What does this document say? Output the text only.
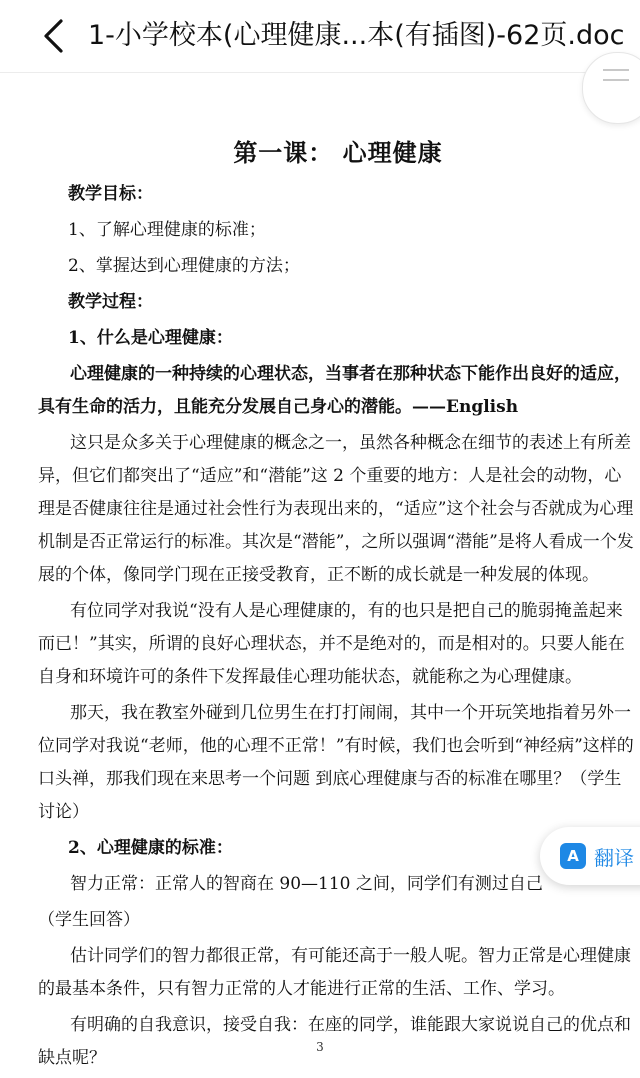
1-小学校本(心理健康...本(有插图)-62页.doc
第一课： 心理健康
教学目标：
1、了解心理健康的标准；
2、掌握达到心理健康的方法；
教学过程：
1、什么是心理健康：
心理健康的一种持续的心理状态，当事者在那种状态下能作出良好的适应，具有生命的活力，且能充分发展自己身心的潜能。——English
这只是众多关于心理健康的概念之一，虽然各种概念在细节的表述上有所差异，但它们都突出了“适应”和“潜能”这 2 个重要的地方：人是社会的动物，心理是否健康往往是通过社会性行为表现出来的，“适应”这个社会与否就成为心理机制是否正常运行的标准。其次是“潜能”，之所以强调“潜能”是将人看成一个发展的个体，像同学门现在正接受教育，正不断的成长就是一种发展的体现。
有位同学对我说“没有人是心理健康的，有的也只是把自己的脆弱掩盖起来而已！”其实，所谓的良好心理状态，并不是绝对的，而是相对的。只要人能在自身和环境许可的条件下发挥最佳心理功能状态，就能称之为心理健康。
那天，我在教室外碰到几位男生在打打闹闹，其中一个开玩笑地指着另外一位同学对我说“老师，他的心理不正常！”有时候，我们也会听到“神经病”这样的口头禅，那我们现在来思考一个问题 到底心理健康与否的标准在哪里？（学生讨论）
2、心理健康的标准：
智力正常：正常人的智商在 90—110 之间，同学们有测过自己
（学生回答）
估计同学们的智力都很正常，有可能还高于一般人呢。智力正常是心理健康的最基本条件，只有智力正常的人才能进行正常的生活、工作、学习。
有明确的自我意识，接受自我：在座的同学，谁能跟大家说说自己的优点和缺点呢？
3
A 翻译
